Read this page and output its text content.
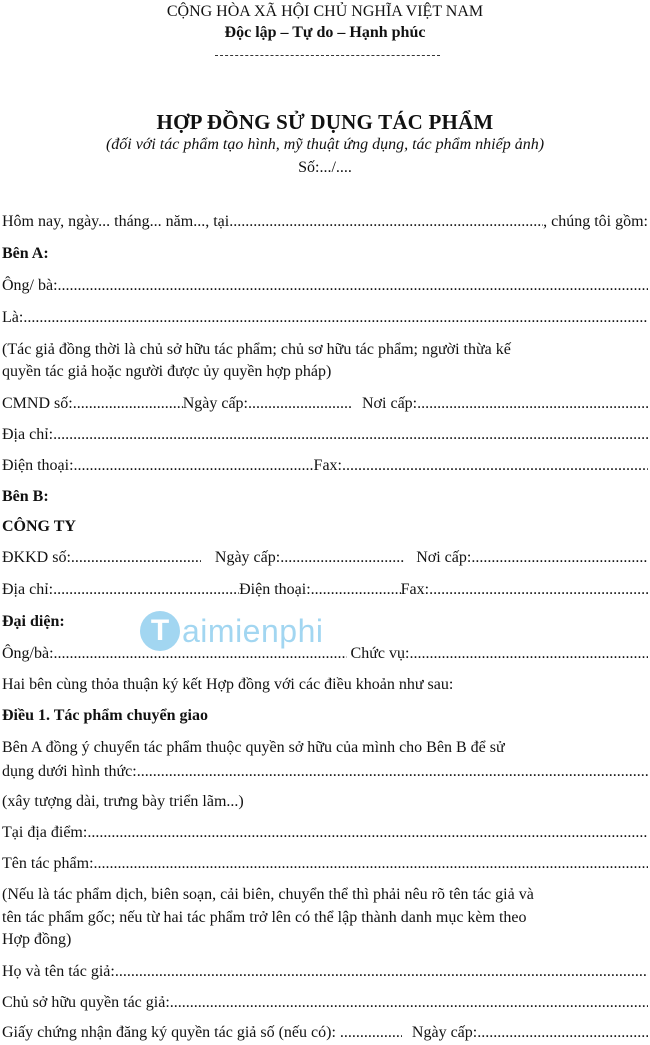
CỘNG HÒA XÃ HỘI CHỦ NGHĨA VIỆT NAM
Độc lập – Tự do – Hạnh phúc
HỢP ĐỒNG SỬ DỤNG TÁC PHẨM
(đối với tác phẩm tạo hình, mỹ thuật ứng dụng, tác phẩm nhiếp ảnh)
Số:.../....
Hôm nay, ngày... tháng... năm..., tại .....	, chúng tôi gồm:
Bên A:
Ông/ bà:
.....
Là:
.....
(Tác giả đồng thời là chủ sở hữu tác phẩm; chủ sơ hữu tác phẩm; người thừa kế
quyền tác giả hoặc người được ủy quyền hợp pháp)
CMND số: .....	Ngày cấp: .....	Nơi cấp:
.....
Địa chỉ:
.....
Điện thoại:. .....	Fax:
.....
Bên B:
CÔNG TY
ĐKKD số: .....	Ngày cấp: .....	Nơi cấp:
.....
Địa chỉ: .....	Điện thoại: .....	Fax:
.....
Đại diện:
Ông/bà: .....	Chức vụ:
.....
Hai bên cùng thỏa thuận ký kết Hợp đồng với các điều khoản như sau:
Điều 1. Tác phẩm chuyển giao
Bên A đồng ý chuyển tác phẩm thuộc quyền sở hữu của mình cho Bên B để sử
dụng dưới hình thức:
.....
(xây tượng dài, trưng bày triển lãm...)
Tại địa điểm:
.....
Tên tác phẩm:
.....
(Nếu là tác phẩm dịch, biên soạn, cải biên, chuyển thể thì phải nêu rõ tên tác giả và
tên tác phẩm gốc; nếu từ hai tác phẩm trở lên có thể lập thành danh mục kèm theo
Hợp đồng)
Họ và tên tác giả:
.....
Chủ sở hữu quyền tác giả:
.....
Giấy chứng nhận đăng ký quyền tác giả số (nếu có): .....	Ngày cấp:
.....
T aimienphi
